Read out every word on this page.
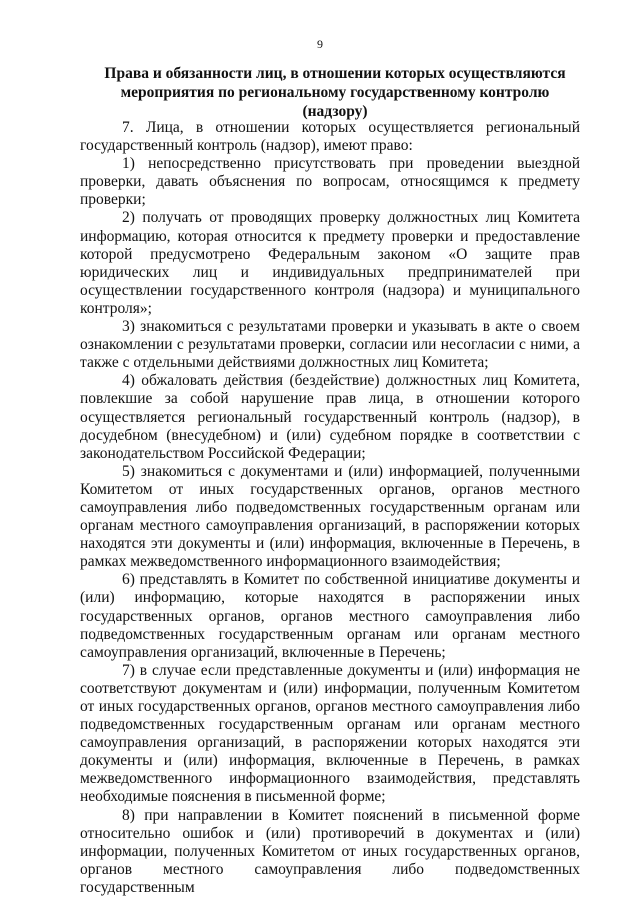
9
Права и обязанности лиц, в отношении которых осуществляются мероприятия по региональному государственному контролю (надзору)

7. Лица, в отношении которых осуществляется региональный государственный контроль (надзор), имеют право:

1) непосредственно присутствовать при проведении выездной проверки, давать объяснения по вопросам, относящимся к предмету проверки;

2) получать от проводящих проверку должностных лиц Комитета информацию, которая относится к предмету проверки и предоставление которой предусмотрено Федеральным законом «О защите прав юридических лиц и индивидуальных предпринимателей при осуществлении государственного контроля (надзора) и муниципального контроля»;

3) знакомиться с результатами проверки и указывать в акте о своем ознакомлении с результатами проверки, согласии или несогласии с ними, а также с отдельными действиями должностных лиц Комитета;

4) обжаловать действия (бездействие) должностных лиц Комитета, повлекшие за собой нарушение прав лица, в отношении которого осуществляется региональный государственный контроль (надзор), в досудебном (внесудебном) и (или) судебном порядке в соответствии с законодательством Российской Федерации;

5) знакомиться с документами и (или) информацией, полученными Комитетом от иных государственных органов, органов местного самоуправления либо подведомственных государственным органам или органам местного самоуправления организаций, в распоряжении которых находятся эти документы и (или) информация, включенные в Перечень, в рамках межведомственного информационного взаимодействия;

6) представлять в Комитет по собственной инициативе документы и (или) информацию, которые находятся в распоряжении иных государственных органов, органов местного самоуправления либо подведомственных государственным органам или органам местного самоуправления организаций, включенные в Перечень;

7) в случае если представленные документы и (или) информация не соответствуют документам и (или) информации, полученным Комитетом от иных государственных органов, органов местного самоуправления либо подведомственных государственным органам или органам местного самоуправления организаций, в распоряжении которых находятся эти документы и (или) информация, включенные в Перечень, в рамках межведомственного информационного взаимодействия, представлять необходимые пояснения в письменной форме;

8) при направлении в Комитет пояснений в письменной форме относительно ошибок и (или) противоречий в документах и (или) информации, полученных Комитетом от иных государственных органов, органов местного самоуправления либо подведомственных государственным
